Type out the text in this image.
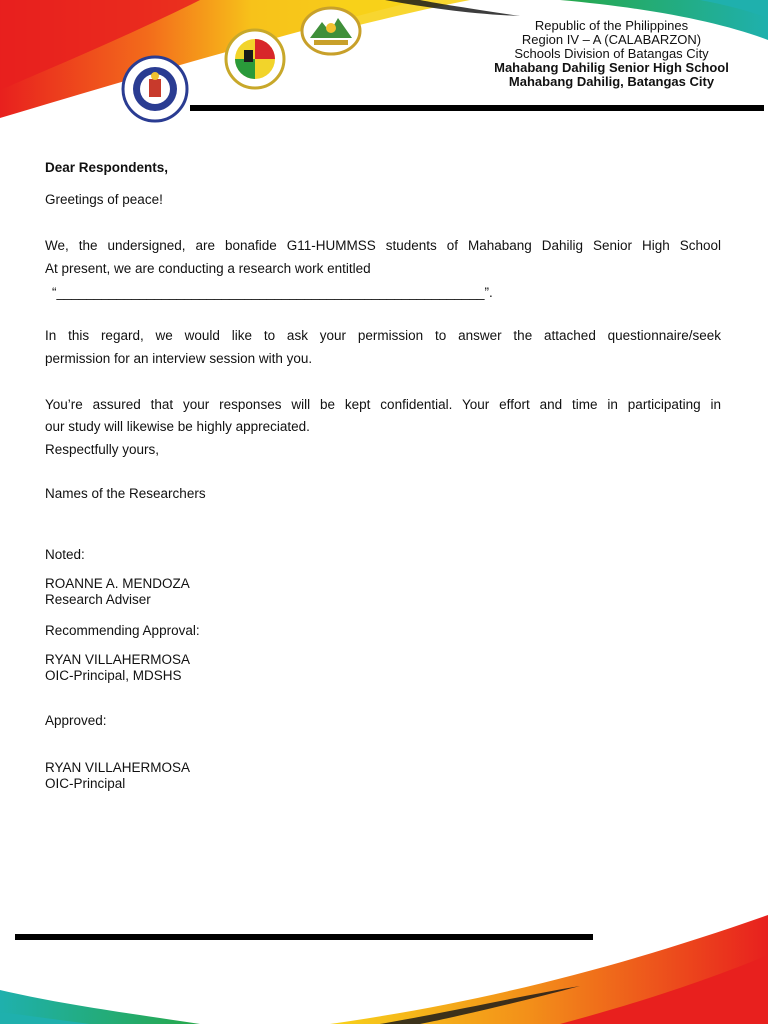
Republic of the Philippines
Region IV – A (CALABARZON)
Schools Division of Batangas City
Mahabang Dahilig Senior High School
Mahabang Dahilig, Batangas City
Dear Respondents,
Greetings of peace!
We, the undersigned, are bonafide G11-HUMMSS students of Mahabang Dahilig Senior High School
At present, we are conducting a research work entitled
“_________________________________________________________”.
In this regard, we would like to ask your permission to answer the attached questionnaire/seek
permission for an interview session with you.
You’re assured that your responses will be kept confidential. Your effort and time in participating in
our study will likewise be highly appreciated.
Respectfully yours,
Names of the Researchers
Noted:
ROANNE A. MENDOZA
Research Adviser
Recommending Approval:
RYAN VILLAHERMOSA
OIC-Principal, MDSHS
Approved:
RYAN VILLAHERMOSA
OIC-Principal
